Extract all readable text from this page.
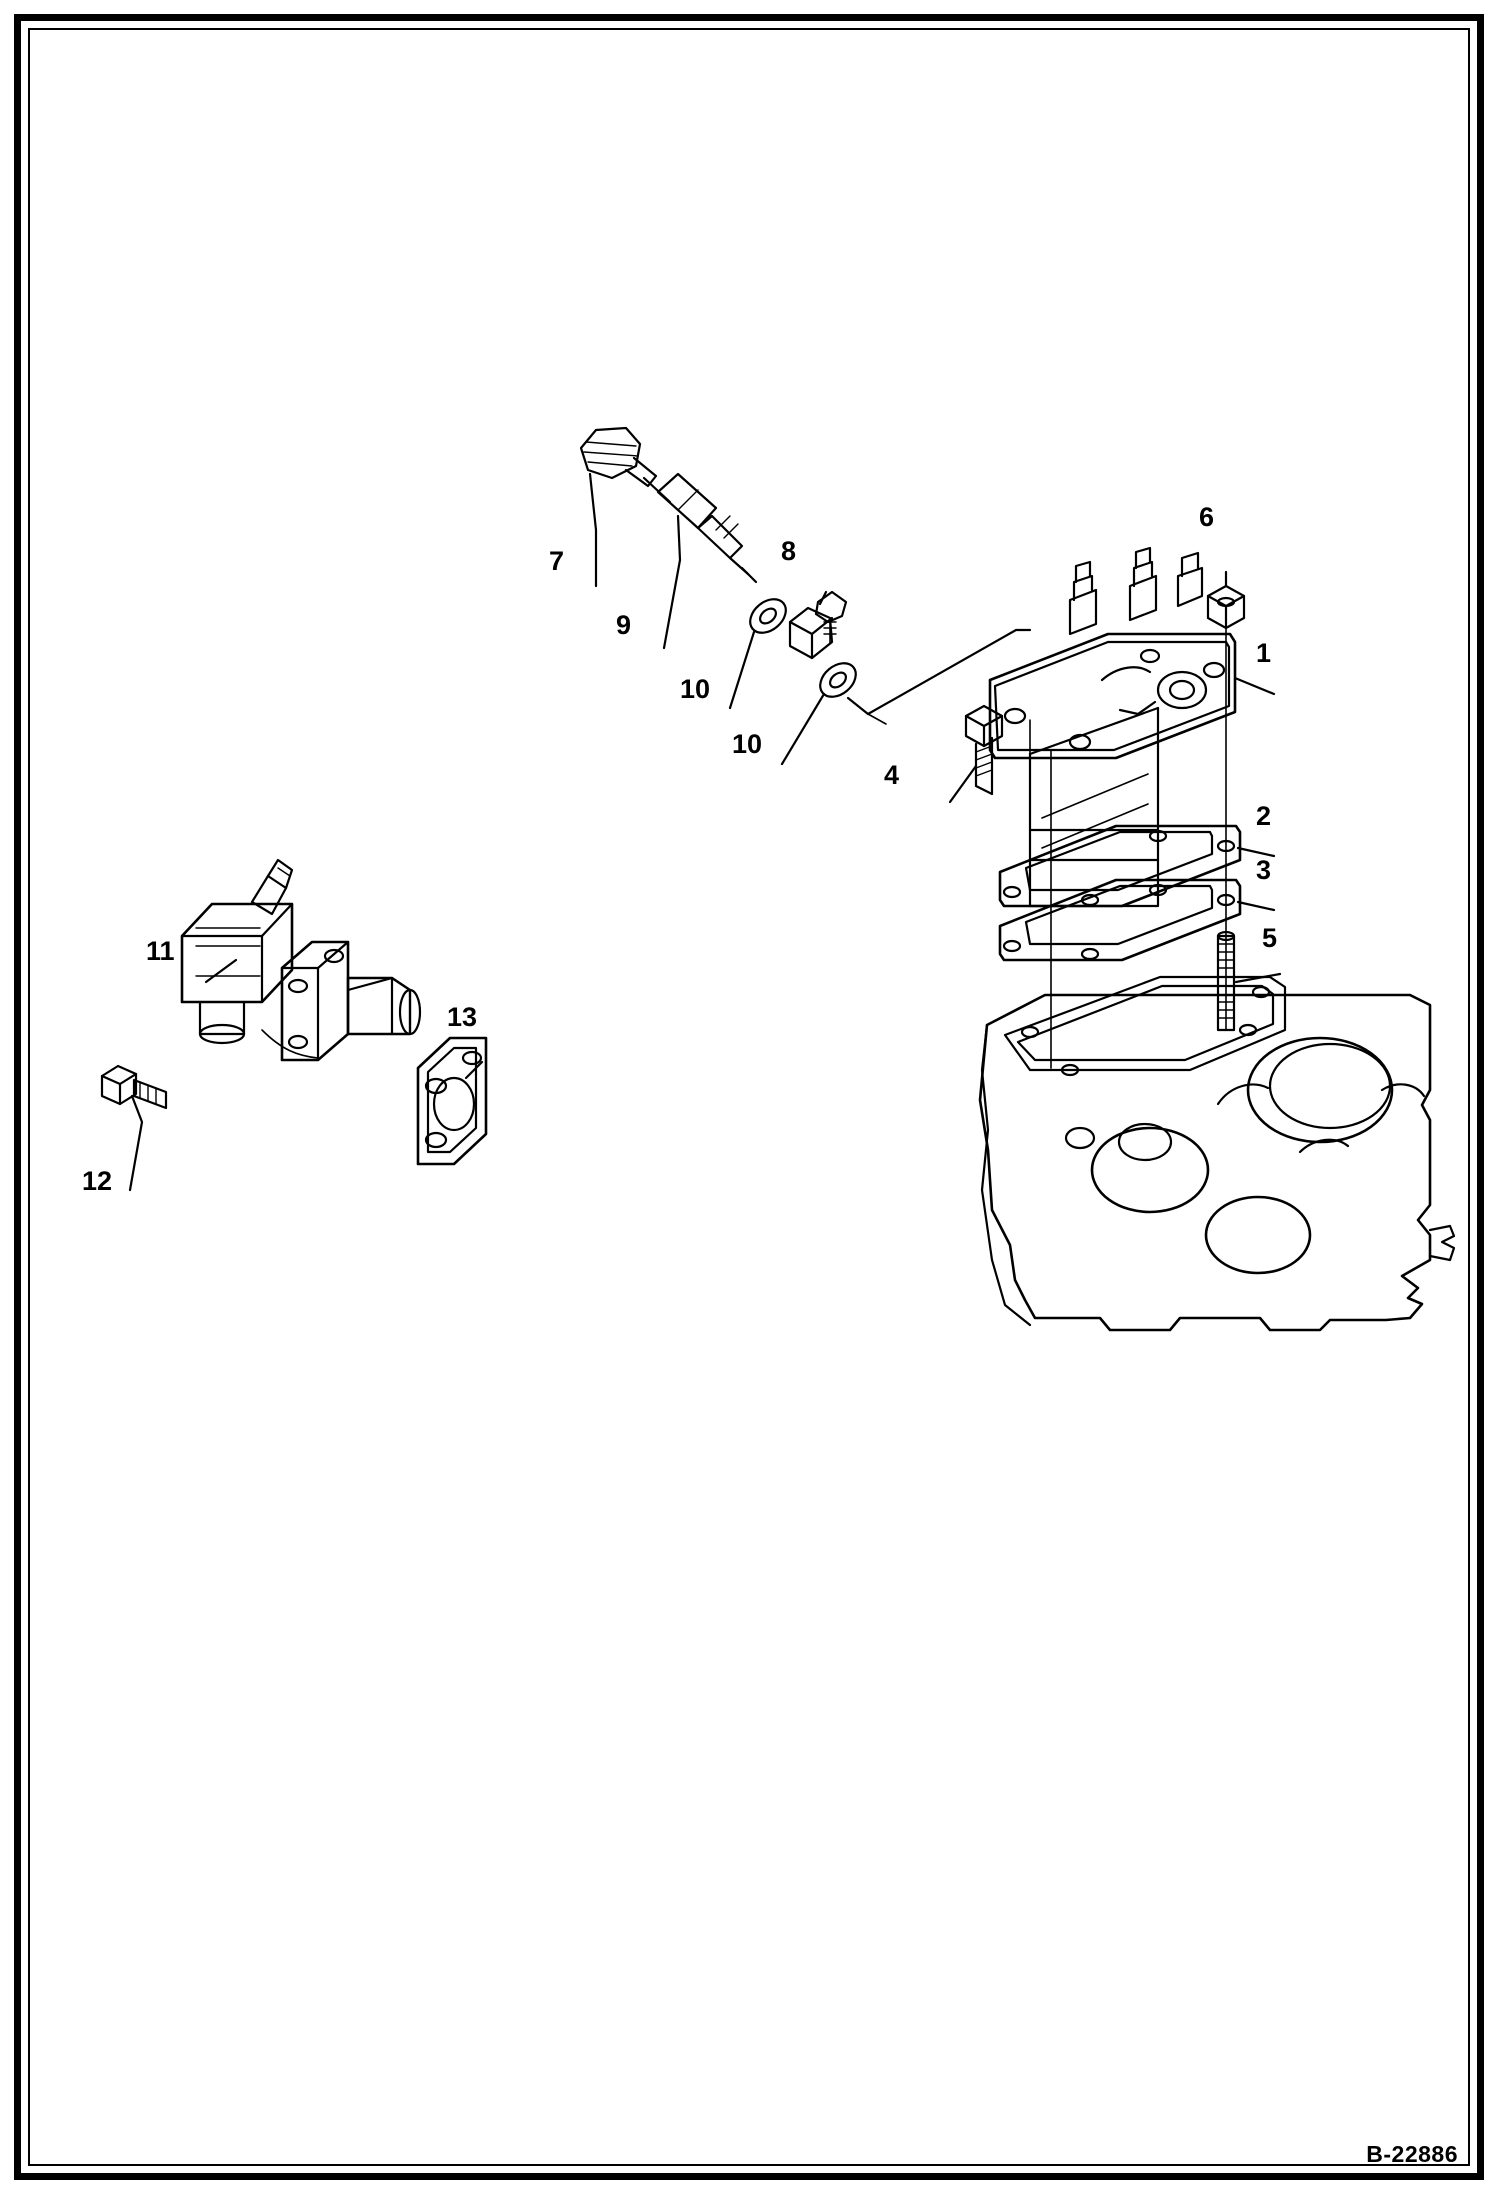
1
2
3
4
5
6
7	8
9
10
10
11
12
13
B-22886
